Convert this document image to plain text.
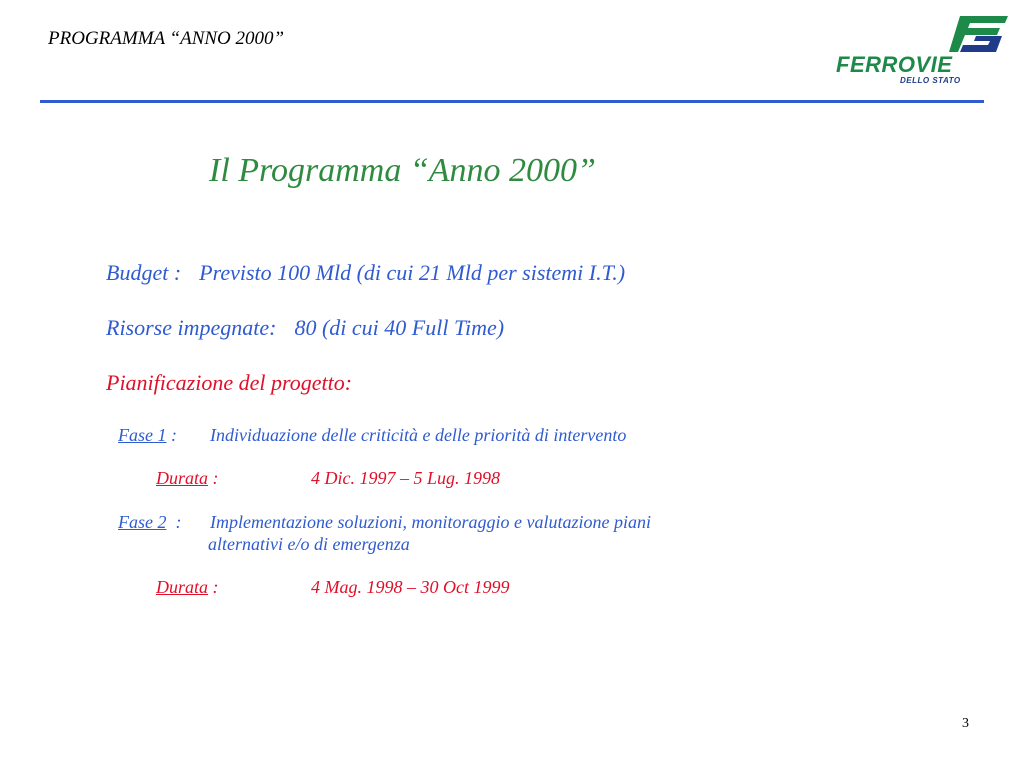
PROGRAMMA “ANNO 2000”
FERROVIE
DELLO STATO
Il Programma “Anno 2000”
Budget : Previsto 100 Mld (di cui 21 Mld per sistemi I.T.)
Risorse impegnate: 80 (di cui 40 Full Time)
Pianificazione del progetto:
Fase 1 : Individuazione delle criticità e delle priorità di intervento
Durata :	4 Dic. 1997 – 5 Lug. 1998
Fase 2  : Implementazione soluzioni, monitoraggio e valutazione piani
alternativi e/o di emergenza
Durata :	4 Mag. 1998 – 30 Oct 1999
3
